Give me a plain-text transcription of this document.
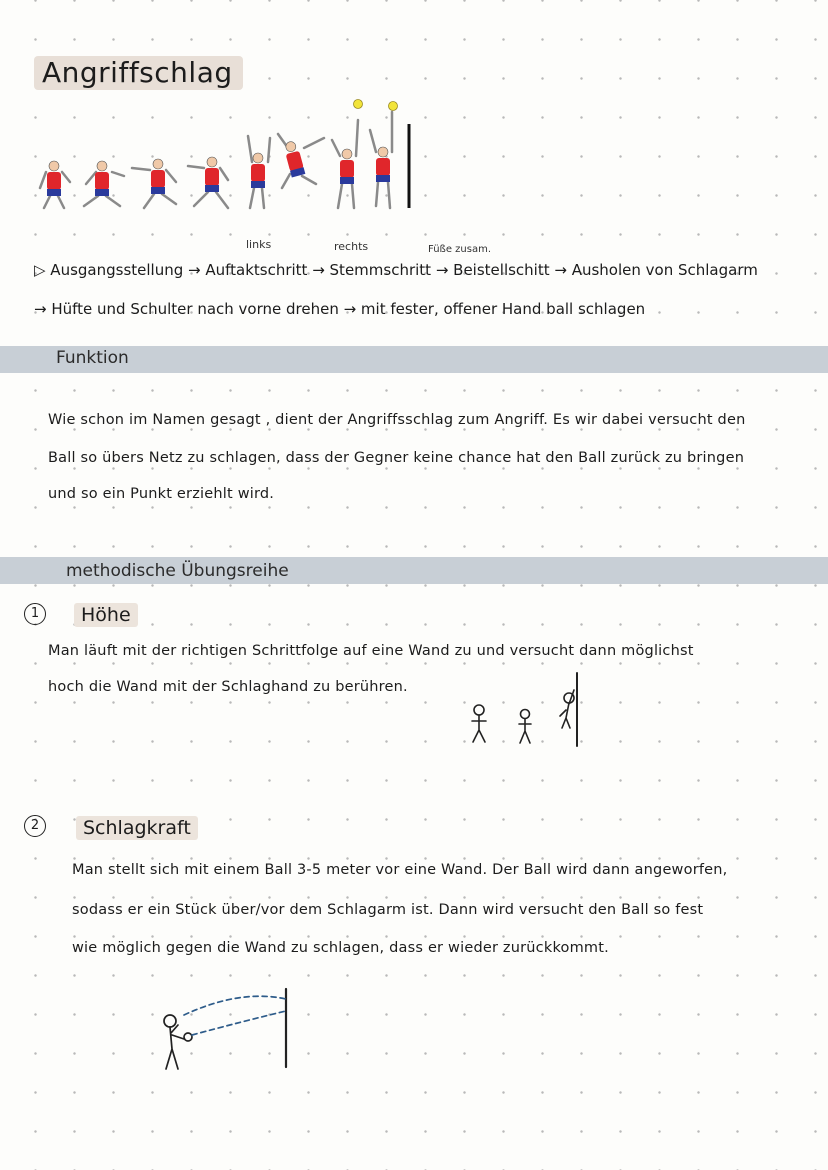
Angriffschlag
links	rechts	Füße zusam.
▷ Ausgangsstellung → Auftaktschritt → Stemmschritt → Beistellschitt → Ausholen von Schlagarm
→ Hüfte und Schulter nach vorne drehen → mit fester, offener Hand ball schlagen
Funktion
Wie schon im Namen gesagt , dient der Angriffsschlag zum Angriff. Es wir dabei versucht den
Ball so übers Netz zu schlagen, dass der Gegner keine chance hat den Ball zurück zu bringen
und so ein Punkt erziehlt wird.
methodische Übungsreihe
1	Höhe
Man läuft mit der richtigen Schrittfolge auf eine Wand zu und versucht dann möglichst
hoch die Wand mit der Schlaghand zu berühren.
2	Schlagkraft
Man stellt sich mit einem Ball 3-5 meter vor eine Wand. Der Ball wird dann angeworfen,
sodass er ein Stück über/vor dem Schlagarm ist. Dann wird versucht den Ball so fest
wie möglich gegen die Wand zu schlagen, dass er wieder zurückkommt.
